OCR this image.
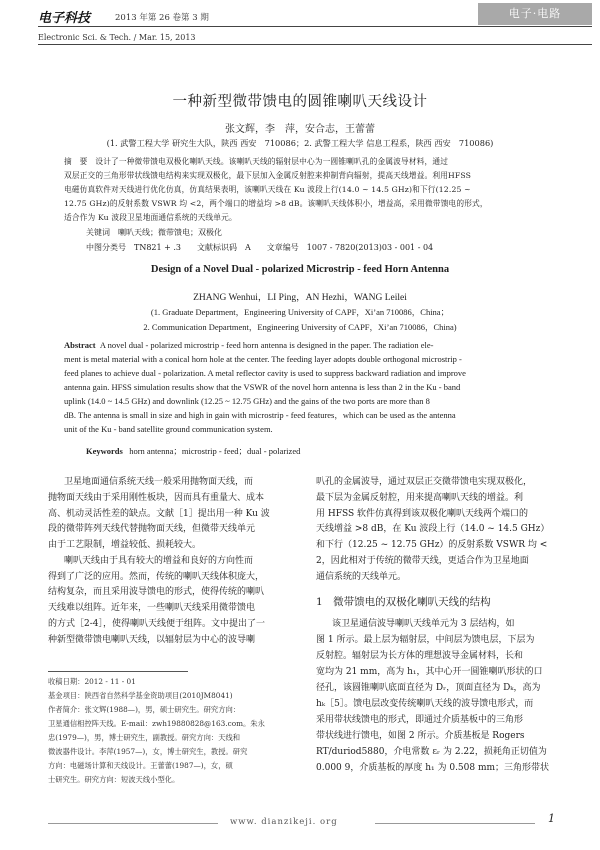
电子科技	2013 年第 26 卷第 3 期	电子·电路
Electronic Sci. & Tech. / Mar. 15, 2013
一种新型微带馈电的圆锥喇叭天线设计
张文辉，李　萍，安合志，王蕾蕾
(1. 武警工程大学 研究生大队，陕西 西安　710086；2. 武警工程大学 信息工程系，陕西 西安　710086)
摘　要　设计了一种微带馈电双极化喇叭天线。该喇叭天线的辐射层中心为一圆锥喇叭孔的金属波导材料，通过
双层正交的三角形带状线馈电结构来实现双极化，最下层加入金属反射腔来抑制背向辐射，提高天线增益。利用HFSS
电磁仿真软件对天线进行优化仿真，仿真结果表明，该喇叭天线在 Ku 波段上行(14.0 ~ 14.5 GHz)和下行(12.25 ~
12.75 GHz)的反射系数 VSWR 均 <2，两个端口的增益均 >8 dB。该喇叭天线体积小，增益高，采用微带馈电的形式，
适合作为 Ku 波段卫星地面通信系统的天线单元。
关键词　喇叭天线；微带馈电；双极化
中图分类号　TN821 + .3　　文献标识码　A　　文章编号　1007 - 7820(2013)03 - 001 - 04
Design of a Novel Dual - polarized Microstrip - feed Horn Antenna
ZHANG Wenhui，LI Ping，AN Hezhi，WANG Leilei
(1. Graduate Department，Engineering University of CAPF，Xi’an 710086，China；
2. Communication Department，Engineering University of CAPF，Xi’an 710086，China)
Abstract A novel dual - polarized microstrip - feed horn antenna is designed in the paper. The radiation ele-
ment is metal material with a conical horn hole at the center. The feeding layer adopts double orthogonal microstrip -
feed planes to achieve dual - polarization. A metal reflector cavity is used to suppress backward radiation and improve
antenna gain. HFSS simulation results show that the VSWR of the novel horn antenna is less than 2 in the Ku - band
uplink (14.0 ~ 14.5 GHz) and downlink (12.25 ~ 12.75 GHz) and the gains of the two ports are more than 8
dB. The antenna is small in size and high in gain with microstrip - feed features，which can be used as the antenna
unit of the Ku - band satellite ground communication system.
Keywords horn antenna；microstrip - feed；dual - polarized
卫星地面通信系统天线一般采用抛物面天线，而
抛物面天线由于采用刚性板块，因而具有重量大、成本
高、机动灵活性差的缺点。文献［1］提出用一种 Ku 波
段的微带阵列天线代替抛物面天线，但微带天线单元
由于工艺限制，增益较低、损耗较大。
喇叭天线由于具有较大的增益和良好的方向性而
得到了广泛的应用。然而，传统的喇叭天线体积庞大，
结构复杂，而且采用波导馈电的形式，使得传统的喇叭
天线难以组阵。近年来，一些喇叭天线采用微带馈电
的方式［2-4］，使得喇叭天线便于组阵。文中提出了一
种新型微带馈电喇叭天线，以辐射层为中心的波导喇
收稿日期：2012 - 11 - 01
基金项目：陕西省自然科学基金资助项目(2010JM8041)
作者简介：张文辉(1988—)，男，硕士研究生。研究方向：
卫星通信相控阵天线。E-mail：zwh19880828@163.com。朱永
忠(1979—)，男，博士研究生，副教授。研究方向：天线和
微波器件设计。李萍(1957—)，女，博士研究生，教授。研究
方向：电磁场计算和天线设计。王蕾蕾(1987—)，女，硕
士研究生。研究方向：短波天线小型化。
叭孔的金属波导，通过双层正交微带馈电实现双极化，
最下层为金属反射腔，用来提高喇叭天线的增益。利
用 HFSS 软件仿真得到该双极化喇叭天线两个端口的
天线增益 >8 dB，在 Ku 波段上行（14.0 ~ 14.5 GHz）
和下行（12.25 ~ 12.75 GHz）的反射系数 VSWR 均 <
2，因此相对于传统的微带天线，更适合作为卫星地面
通信系统的天线单元。
1　微带馈电的双极化喇叭天线的结构
该卫星通信波导喇叭天线单元为 3 层结构，如
图 1 所示。最上层为辐射层，中间层为馈电层，下层为
反射腔。辐射层为长方体的理想波导金属材料，长和
宽均为 21 mm，高为 h₁，其中心开一圆锥喇叭形状的口
径孔，该圆锥喇叭底面直径为 Dᵣ，顶面直径为 Dₖ，高为
hₖ［5］。馈电层改变传统喇叭天线的波导馈电形式，而
采用带状线馈电的形式，即通过介质基板中的三角形
带状线进行馈电，如图 2 所示。介质基板是 Rogers
RT/duriod5880，介电常数 εᵣ 为 2.22，损耗角正切值为
0.000 9，介质基板的厚度 h₁ 为 0.508 mm；三角形带状
www. dianzikeji. org	1
